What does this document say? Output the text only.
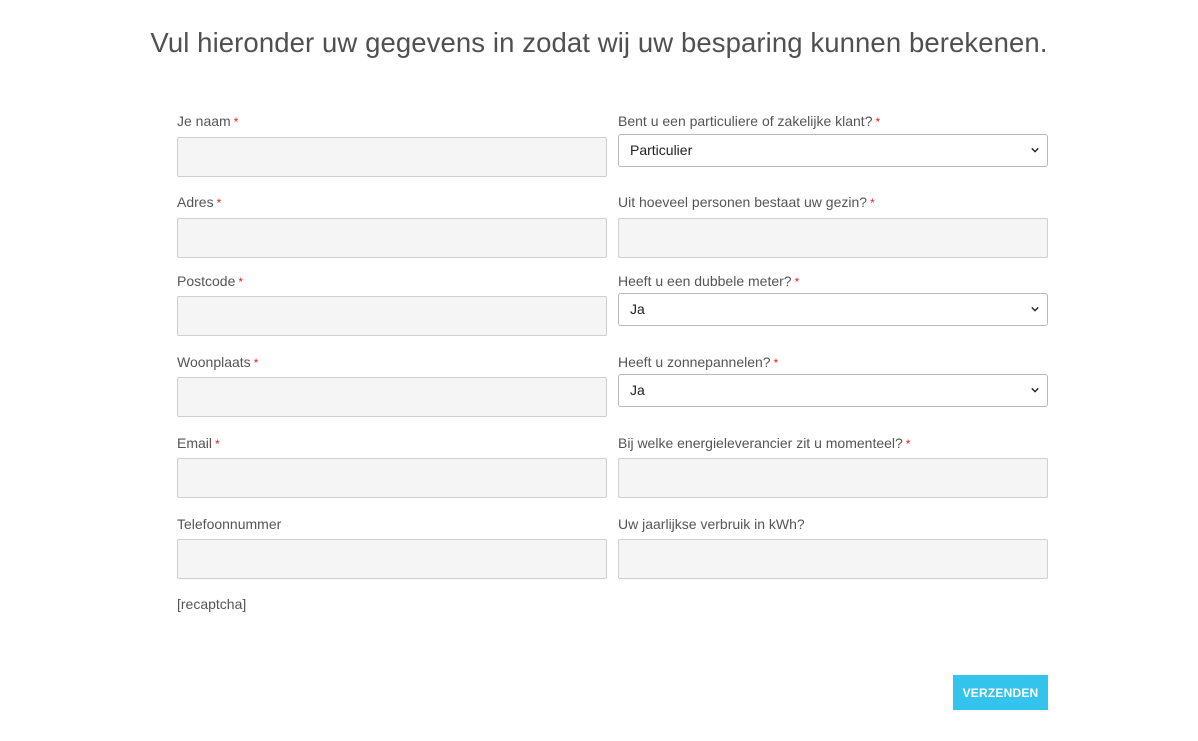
Vul hieronder uw gegevens in zodat wij uw besparing kunnen berekenen.
Je naam *
Adres *
Postcode *
Woonplaats *
Email *
Telefoonnummer
Bent u een particuliere of zakelijke klant? *
Particulier
Uit hoeveel personen bestaat uw gezin? *
Heeft u een dubbele meter? *
Ja
Heeft u zonnepannelen? *
Ja
Bij welke energieleverancier zit u momenteel? *
Uw jaarlijkse verbruik in kWh?
[recaptcha]
VERZENDEN
